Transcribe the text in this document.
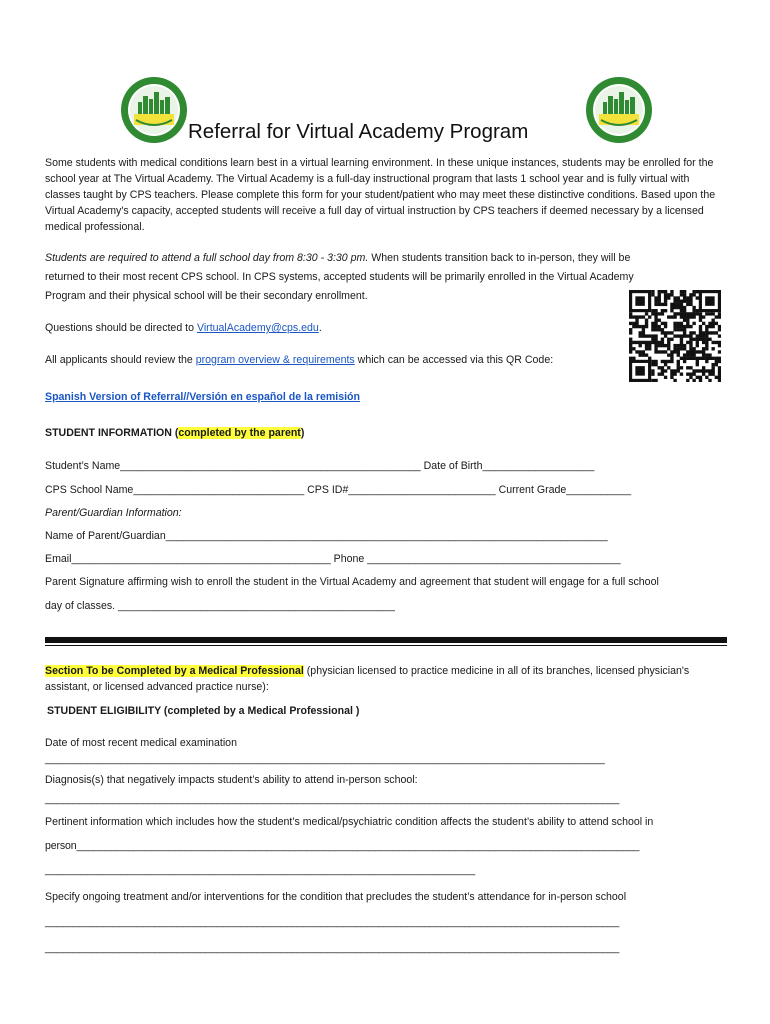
Referral for Virtual Academy Program
Some students with medical conditions learn best in a virtual learning environment. In these unique instances, students may be enrolled for the school year at The Virtual Academy. The Virtual Academy is a full-day instructional program that lasts 1 school year and is fully virtual with classes taught by CPS teachers. Please complete this form for your student/patient who may meet these distinctive conditions. Based upon the Virtual Academy's capacity, accepted students will receive a full day of virtual instruction by CPS teachers if deemed necessary by a licensed medical professional.
Students are required to attend a full school day from 8:30 - 3:30 pm. When students transition back to in-person, they will be
returned to their most recent CPS school. In CPS systems, accepted students will be primarily enrolled in the Virtual Academy
Program and their physical school will be their secondary enrollment.
Questions should be directed to VirtualAcademy@cps.edu.
All applicants should review the program overview & requirements which can be accessed via this QR Code:
Spanish Version of Referral//Versión en español de la remisión
STUDENT INFORMATION (completed by the parent)
Student’s Name___________________________________________________ Date of Birth___________________
CPS School Name_____________________________ CPS ID#_________________________ Current Grade___________
Parent/Guardian Information:
Name of Parent/Guardian___________________________________________________________________________
Email____________________________________________ Phone ___________________________________________
Parent Signature affirming wish to enroll the student in the Virtual Academy and agreement that student will engage for a full school
day of classes. _______________________________________________
Section To be Completed by a Medical Professional (physician licensed to practice medicine in all of its branches, licensed physician's
assistant, or licensed advanced practice nurse):
STUDENT ELIGIBILITY (completed by a Medical Professional )
Date of most recent medical examination
_______________________________________________________________________________________________
Diagnosis(s) that negatively impacts student’s ability to attend in-person school:
____________________________________________________________________________________________________
Pertinent information which includes how the student’s medical/psychiatric condition affects the student’s ability to attend school in
person__________________________________________________________________________________________________
_________________________________________________________________________
Specify ongoing treatment and/or interventions for the condition that precludes the student’s attendance for in-person school
____________________________________________________________________________________________________
____________________________________________________________________________________________________
